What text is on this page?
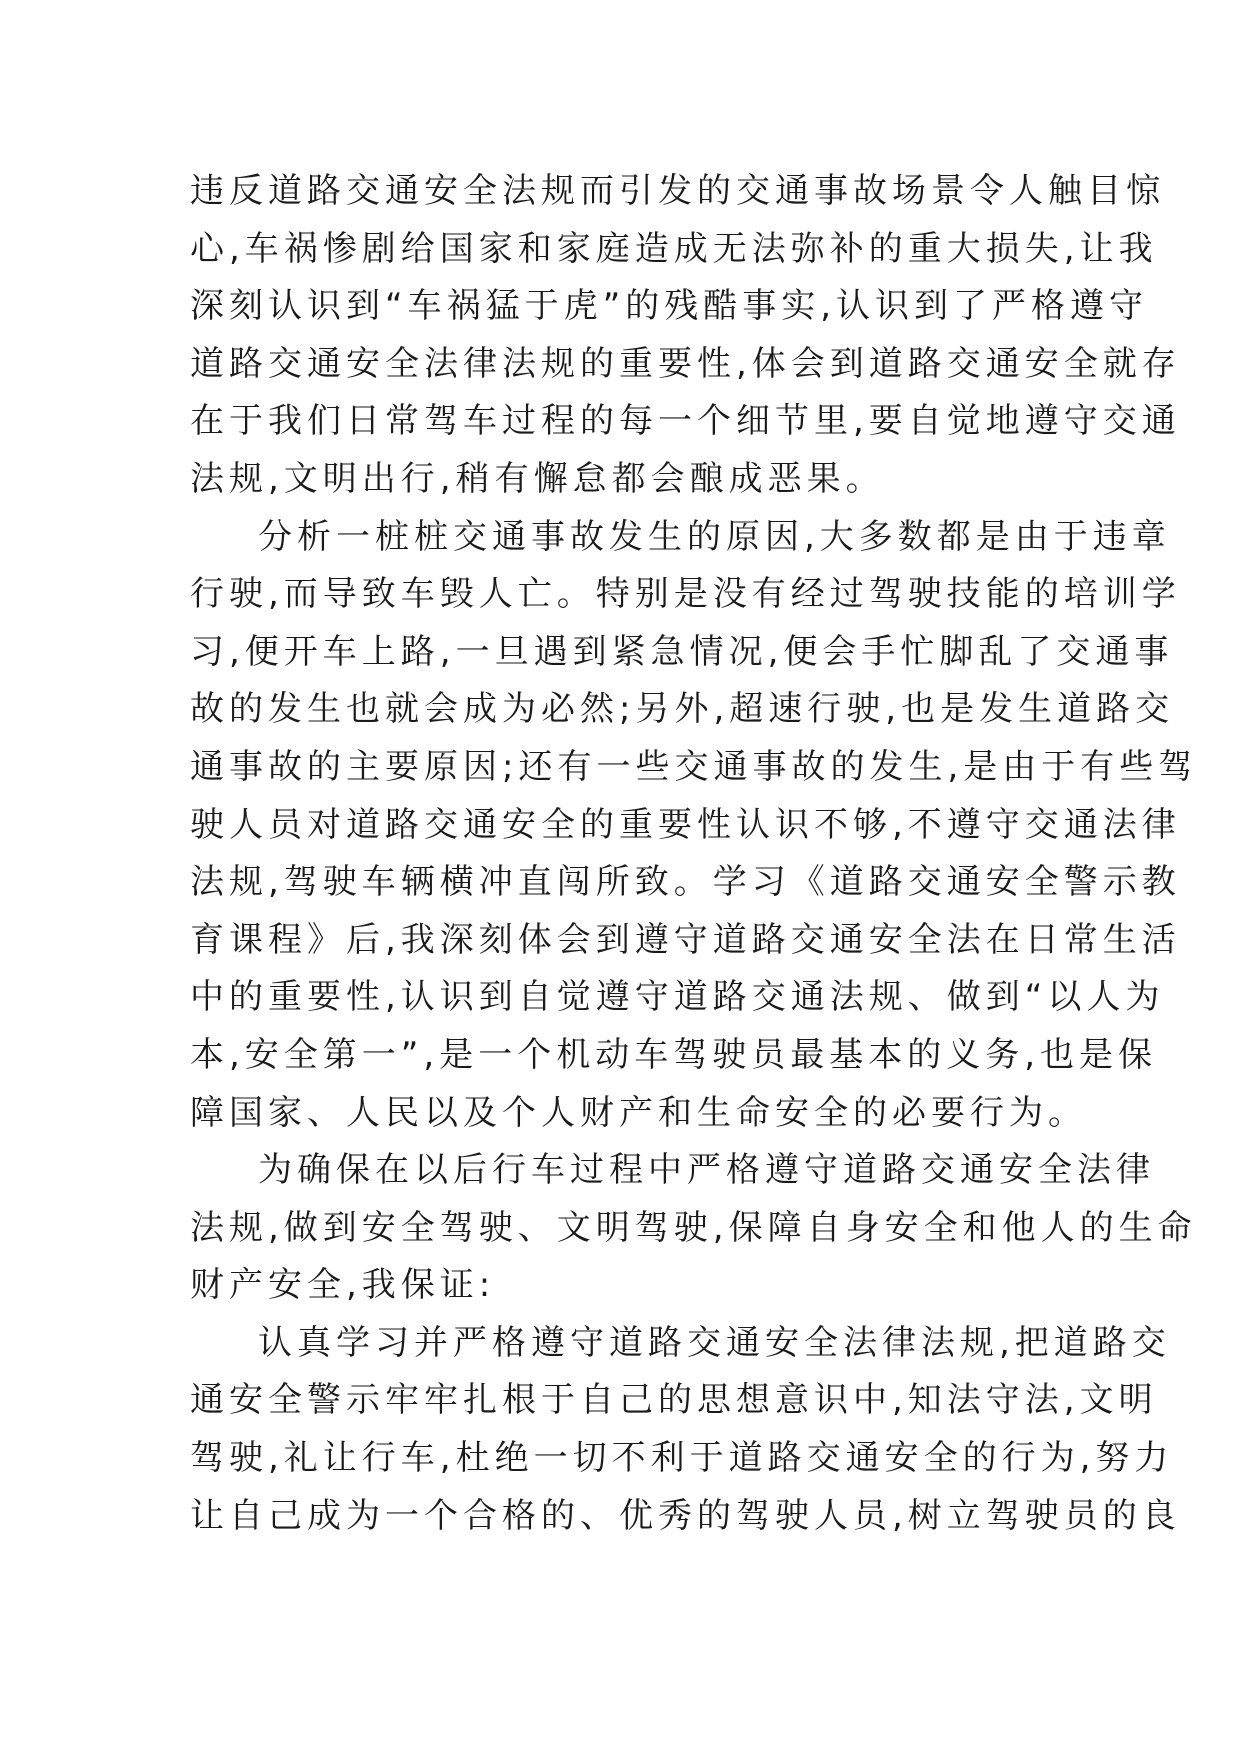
违反道路交通安全法规而引发的交通事故场景令人触目惊
心,车祸惨剧给国家和家庭造成无法弥补的重大损失,让我
深刻认识到“车祸猛于虎”的残酷事实,认识到了严格遵守
道路交通安全法律法规的重要性,体会到道路交通安全就存
在于我们日常驾车过程的每一个细节里,要自觉地遵守交通
法规,文明出行,稍有懈怠都会酿成恶果。
分析一桩桩交通事故发生的原因,大多数都是由于违章
行驶,而导致车毁人亡。特别是没有经过驾驶技能的培训学
习,便开车上路,一旦遇到紧急情况,便会手忙脚乱了交通事
故的发生也就会成为必然;另外,超速行驶,也是发生道路交
通事故的主要原因;还有一些交通事故的发生,是由于有些驾
驶人员对道路交通安全的重要性认识不够,不遵守交通法律
法规,驾驶车辆横冲直闯所致。学习《道路交通安全警示教
育课程》后,我深刻体会到遵守道路交通安全法在日常生活
中的重要性,认识到自觉遵守道路交通法规、做到“以人为
本,安全第一”,是一个机动车驾驶员最基本的义务,也是保
障国家、人民以及个人财产和生命安全的必要行为。
为确保在以后行车过程中严格遵守道路交通安全法律
法规,做到安全驾驶、文明驾驶,保障自身安全和他人的生命
财产安全,我保证:
认真学习并严格遵守道路交通安全法律法规,把道路交
通安全警示牢牢扎根于自己的思想意识中,知法守法,文明
驾驶,礼让行车,杜绝一切不利于道路交通安全的行为,努力
让自己成为一个合格的、优秀的驾驶人员,树立驾驶员的良
